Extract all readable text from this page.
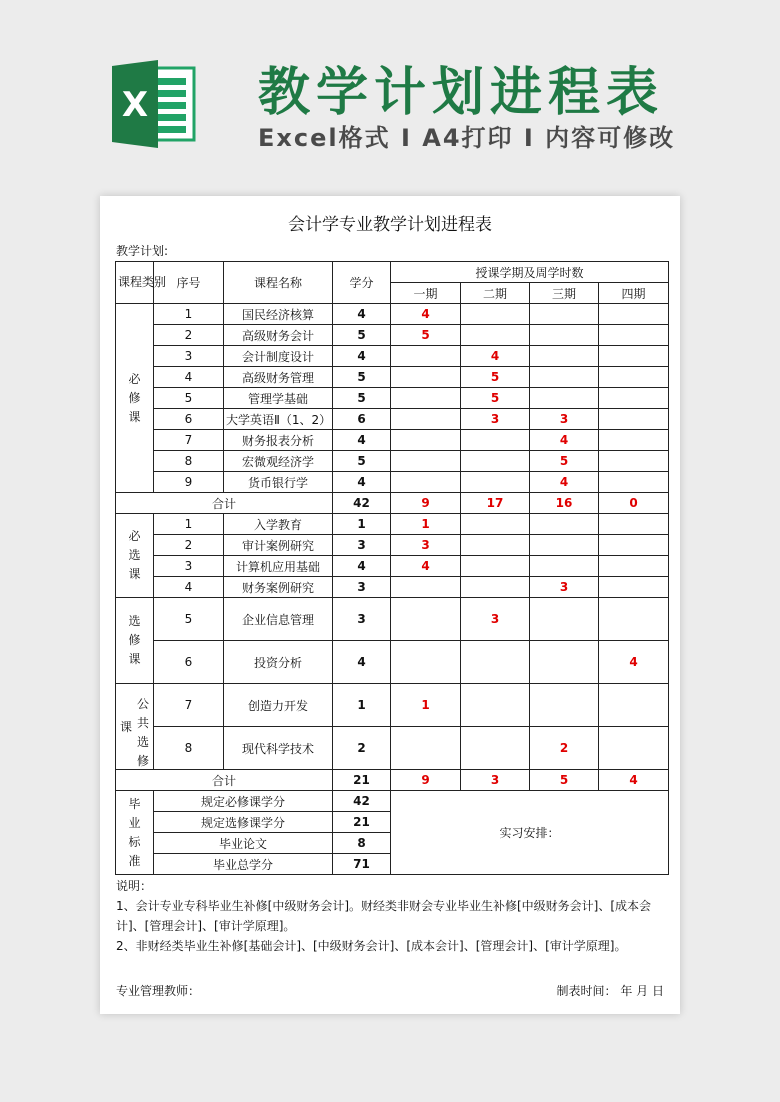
X 教学计划进程表

Excel格式 I A4打印 I 内容可修改

会计学专业教学计划进程表
教学计划:
课程类别	序号	课程名称	学分	授课学期及周学时数			
				一期	二期	三期	四期

必
修
课	1	国民经济核算	4	4			
	2	高级财务会计	5	5			
	3	会计制度设计	4		4		
	4	高级财务管理	5		5		
	5	管理学基础	5		5		
	6	大学英语Ⅱ（1、2）	6		3	3	
	7	财务报表分析	4			4	
	8	宏微观经济学	5			5	
	9	货币银行学	4			4	
合计			42	9	17	16	0

必
选
课	1	入学教育	1	1			
	2	审计案例研究	3	3			
	3	计算机应用基础	4	4			
	4	财务案例研究	3			3	

选
修
课	5	企业信息管理	3		3		
	6	投资分析	4				4

课
公
共
选
修	7	创造力开发	1	1			
	8	现代科学技术	2			2	
合计			21	9	3	5	4

毕
业
标
准	规定必修课学分		42	实习安排：			
	规定选修课学分		21				
	毕业论文		8				
	毕业总学分		71				

说明：

1、会计专业专科毕业生补修[中级财务会计]。财经类非财会专业毕业生补修[中级财务会计]、[成本会计]、[管理会计]、[审计学原理]。

2、非财经类毕业生补修[基础会计]、[中级财务会计]、[成本会计]、[管理会计]、[审计学原理]。

专业管理教师：	制表时间： 年 月 日
